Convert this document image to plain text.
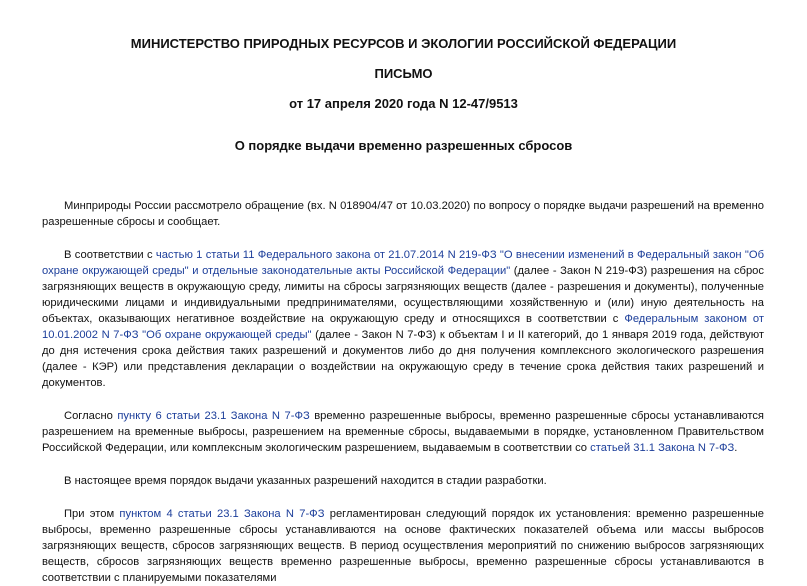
МИНИСТЕРСТВО ПРИРОДНЫХ РЕСУРСОВ И ЭКОЛОГИИ РОССИЙСКОЙ ФЕДЕРАЦИИ
ПИСЬМО
от 17 апреля 2020 года N 12-47/9513
О порядке выдачи временно разрешенных сбросов

Минприроды России рассмотрело обращение (вх. N 018904/47 от 10.03.2020) по вопросу о порядке выдачи разрешений на временно разрешенные сбросы и сообщает.

В соответствии с частью 1 статьи 11 Федерального закона от 21.07.2014 N 219-ФЗ "О внесении изменений в Федеральный закон "Об охране окружающей среды" и отдельные законодательные акты Российской Федерации" (далее - Закон N 219-ФЗ) разрешения на сброс загрязняющих веществ в окружающую среду, лимиты на сбросы загрязняющих веществ (далее - разрешения и документы), полученные юридическими лицами и индивидуальными предпринимателями, осуществляющими хозяйственную и (или) иную деятельность на объектах, оказывающих негативное воздействие на окружающую среду и относящихся в соответствии с Федеральным законом от 10.01.2002 N 7-ФЗ "Об охране окружающей среды" (далее - Закон N 7-ФЗ) к объектам I и II категорий, до 1 января 2019 года, действуют до дня истечения срока действия таких разрешений и документов либо до дня получения комплексного экологического разрешения (далее - КЭР) или представления декларации о воздействии на окружающую среду в течение срока действия таких разрешений и документов.

Согласно пункту 6 статьи 23.1 Закона N 7-ФЗ временно разрешенные выбросы, временно разрешенные сбросы устанавливаются разрешением на временные выбросы, разрешением на временные сбросы, выдаваемыми в порядке, установленном Правительством Российской Федерации, или комплексным экологическим разрешением, выдаваемым в соответствии со статьей 31.1 Закона N 7-ФЗ.

В настоящее время порядок выдачи указанных разрешений находится в стадии разработки.

При этом пунктом 4 статьи 23.1 Закона N 7-ФЗ регламентирован следующий порядок их установления: временно разрешенные выбросы, временно разрешенные сбросы устанавливаются на основе фактических показателей объема или массы выбросов загрязняющих веществ, сбросов загрязняющих веществ. В период осуществления мероприятий по снижению выбросов загрязняющих веществ, сбросов загрязняющих веществ временно разрешенные выбросы, временно разрешенные сбросы устанавливаются в соответствии с планируемыми показателями
